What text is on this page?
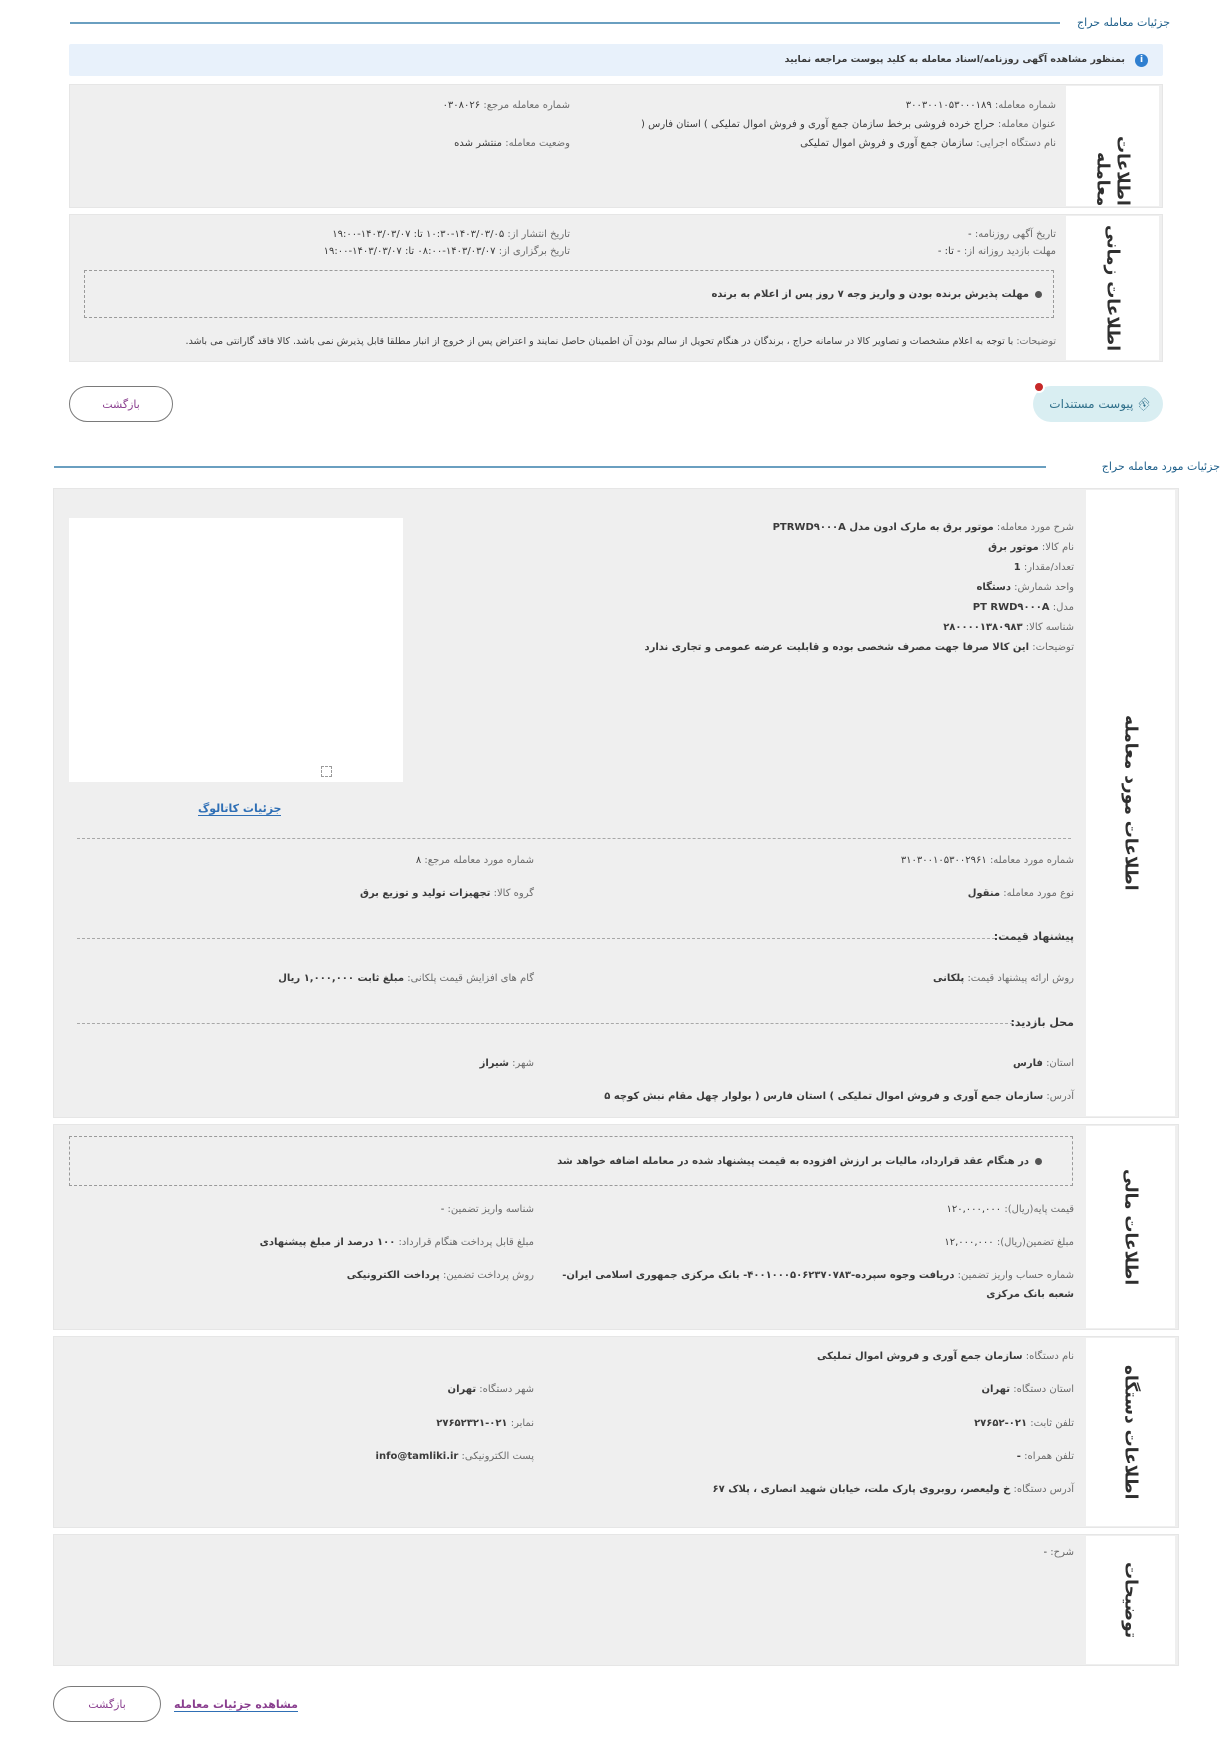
جزئیات معامله حراج
i
بمنظور مشاهده آگهی روزنامه/اسناد معامله به کلید پیوست مراجعه نمایید
اطلاعات معامله
شماره معامله: ۳۰۰۳۰۰۱۰۵۳۰۰۰۱۸۹
عنوان معامله: حراج خرده فروشی برخط سازمان جمع آوری و فروش اموال تملیکی ) استان فارس (
نام دستگاه اجرایی: سازمان جمع آوری و فروش اموال تملیکی
شماره معامله مرجع: ۰۳۰۸۰۲۶
وضعیت معامله: منتشر شده
اطلاعات زمانی
تاریخ آگهی روزنامه: -
مهلت بازدید روزانه از: - تا: -
تاریخ انتشار از: ۱۴۰۳/۰۳/۰۵-۱۰:۳۰ تا: ۱۴۰۳/۰۳/۰۷-۱۹:۰۰
تاریخ برگزاری از: ۱۴۰۳/۰۳/۰۷-۰۸:۰۰ تا: ۱۴۰۳/۰۳/۰۷-۱۹:۰۰
مهلت پذیرش برنده بودن و واریز وجه ۷ روز پس از اعلام به برنده
توضیحات: با توجه به اعلام مشخصات و تصاویر کالا در سامانه حراج ، برندگان در هنگام تحویل از سالم بودن آن اطمینان حاصل نمایند و اعتراض پس از خروج از انبار مطلقا قابل پذیرش نمی باشد. کالا فاقد گارانتی می باشد.
⎘پیوست مستندات
بازگشت
جزئیات مورد معامله حراج
اطلاعات مورد معامله
شرح مورد معامله: موتور برق به مارک ادون مدل PTRWD۹۰۰۰A
نام کالا: موتور برق
تعداد/مقدار: 1
واحد شمارش: دستگاه
مدل: PT RWD۹۰۰۰A
شناسه کالا: ۲۸۰۰۰۰۱۳۸۰۹۸۳
توضیحات: این کالا صرفا جهت مصرف شخصی بوده و قابلیت عرضه عمومی و تجاری ندارد
جزئیات کاتالوگ
شماره مورد معامله: ۳۱۰۳۰۰۱۰۵۳۰۰۲۹۶۱
شماره مورد معامله مرجع: ۸
نوع مورد معامله: منقول
گروه کالا: تجهیزات تولید و توزیع برق
پیشنهاد قیمت:
روش ارائه پیشنهاد قیمت: پلکانی
گام های افزایش قیمت پلکانی: مبلغ ثابت ۱,۰۰۰,۰۰۰ ریال
محل بازدید:
استان: فارس
شهر: شیراز
آدرس: سازمان جمع آوری و فروش اموال تملیکی ) استان فارس ( بولوار چهل مقام نبش کوچه ۵
اطلاعات مالی
در هنگام عقد قرارداد، مالیات بر ارزش افزوده به قیمت پیشنهاد شده در معامله اضافه خواهد شد
قیمت پایه(ریال): ۱۲۰,۰۰۰,۰۰۰
شناسه واریز تضمین: -
مبلغ تضمین(ریال): ۱۲,۰۰۰,۰۰۰
مبلغ قابل پرداخت هنگام قرارداد: ۱۰۰ درصد از مبلغ پیشنهادی
شماره حساب واریز تضمین: دریافت وجوه سپرده-۴۰۰۱۰۰۰۵۰۶۲۳۷۰۷۸۳- بانک مرکزی جمهوری اسلامی ایران-
شعبه بانک مرکزی
روش پرداخت تضمین: پرداخت الکترونیکی
اطلاعات دستگاه
نام دستگاه: سازمان جمع آوری و فروش اموال تملیکی
استان دستگاه: تهران
شهر دستگاه: تهران
تلفن ثابت: ۰۲۱-۲۷۶۵۲
نمابر: ۰۲۱-۲۷۶۵۲۳۲۱
تلفن همراه: -
پست الکترونیکی: info@tamliki.ir
آدرس دستگاه: خ ولیعصر، روبروی پارک ملت، خیابان شهید انصاری ، پلاک ۶۷
توضیحات
شرح: -
بازگشت	مشاهده جزئیات معامله
